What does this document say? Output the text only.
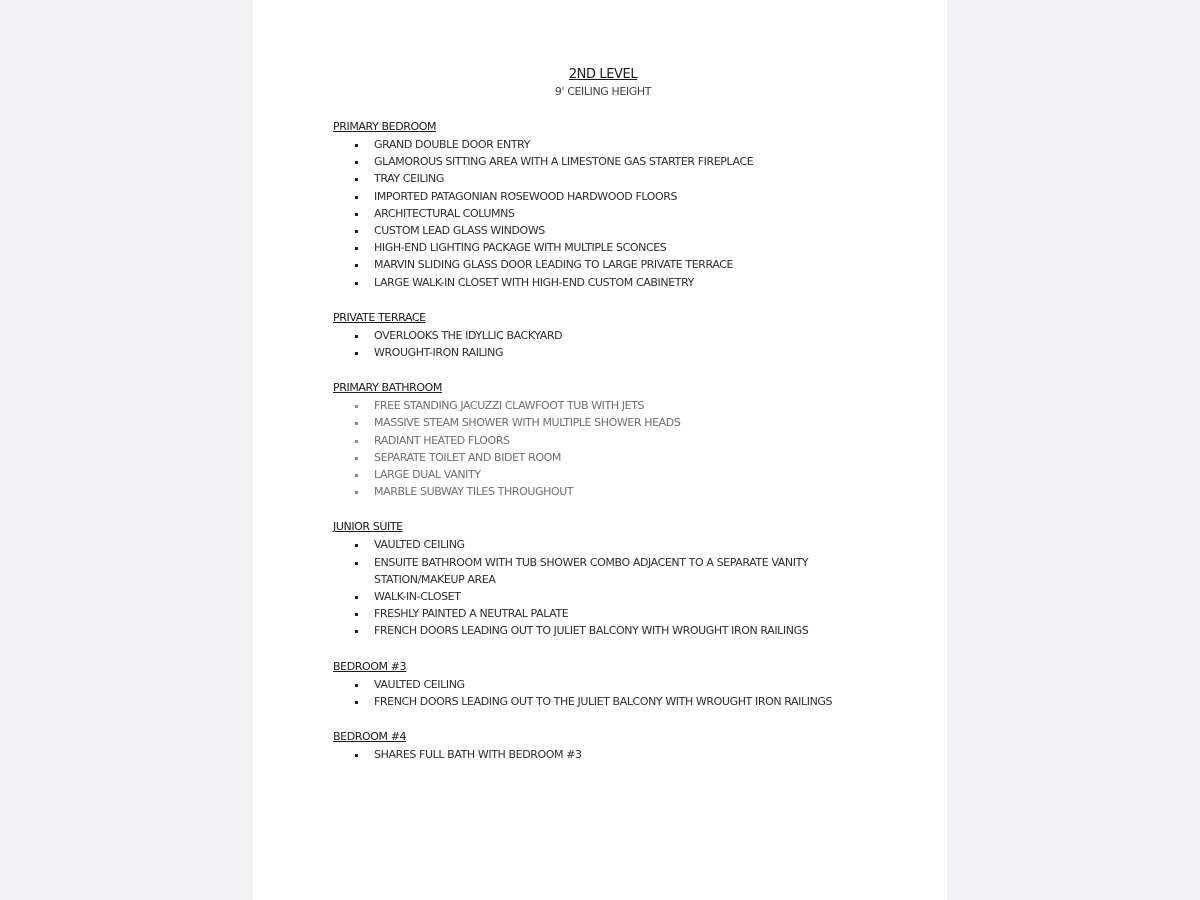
2ND LEVEL

9' CEILING HEIGHT

PRIMARY BEDROOM

GRAND DOUBLE DOOR ENTRY
GLAMOROUS SITTING AREA WITH A LIMESTONE GAS STARTER FIREPLACE
TRAY CEILING
IMPORTED PATAGONIAN ROSEWOOD HARDWOOD FLOORS
ARCHITECTURAL COLUMNS
CUSTOM LEAD GLASS WINDOWS
HIGH-END LIGHTING PACKAGE WITH MULTIPLE SCONCES
MARVIN SLIDING GLASS DOOR LEADING TO LARGE PRIVATE TERRACE
LARGE WALK-IN CLOSET WITH HIGH-END CUSTOM CABINETRY

PRIVATE TERRACE

OVERLOOKS THE IDYLLIC BACKYARD
WROUGHT-IRON RAILING

PRIMARY BATHROOM

FREE STANDING JACUZZI CLAWFOOT TUB WITH JETS
MASSIVE STEAM SHOWER WITH MULTIPLE SHOWER HEADS
RADIANT HEATED FLOORS
SEPARATE TOILET AND BIDET ROOM
LARGE DUAL VANITY
MARBLE SUBWAY TILES THROUGHOUT

JUNIOR SUITE

VAULTED CEILING
ENSUITE BATHROOM WITH TUB SHOWER COMBO ADJACENT TO A SEPARATE VANITY STATION/MAKEUP AREA
WALK-IN-CLOSET
FRESHLY PAINTED A NEUTRAL PALATE
FRENCH DOORS LEADING OUT TO JULIET BALCONY WITH WROUGHT IRON RAILINGS

BEDROOM #3

VAULTED CEILING
FRENCH DOORS LEADING OUT TO THE JULIET BALCONY WITH WROUGHT IRON RAILINGS

BEDROOM #4

SHARES FULL BATH WITH BEDROOM #3
